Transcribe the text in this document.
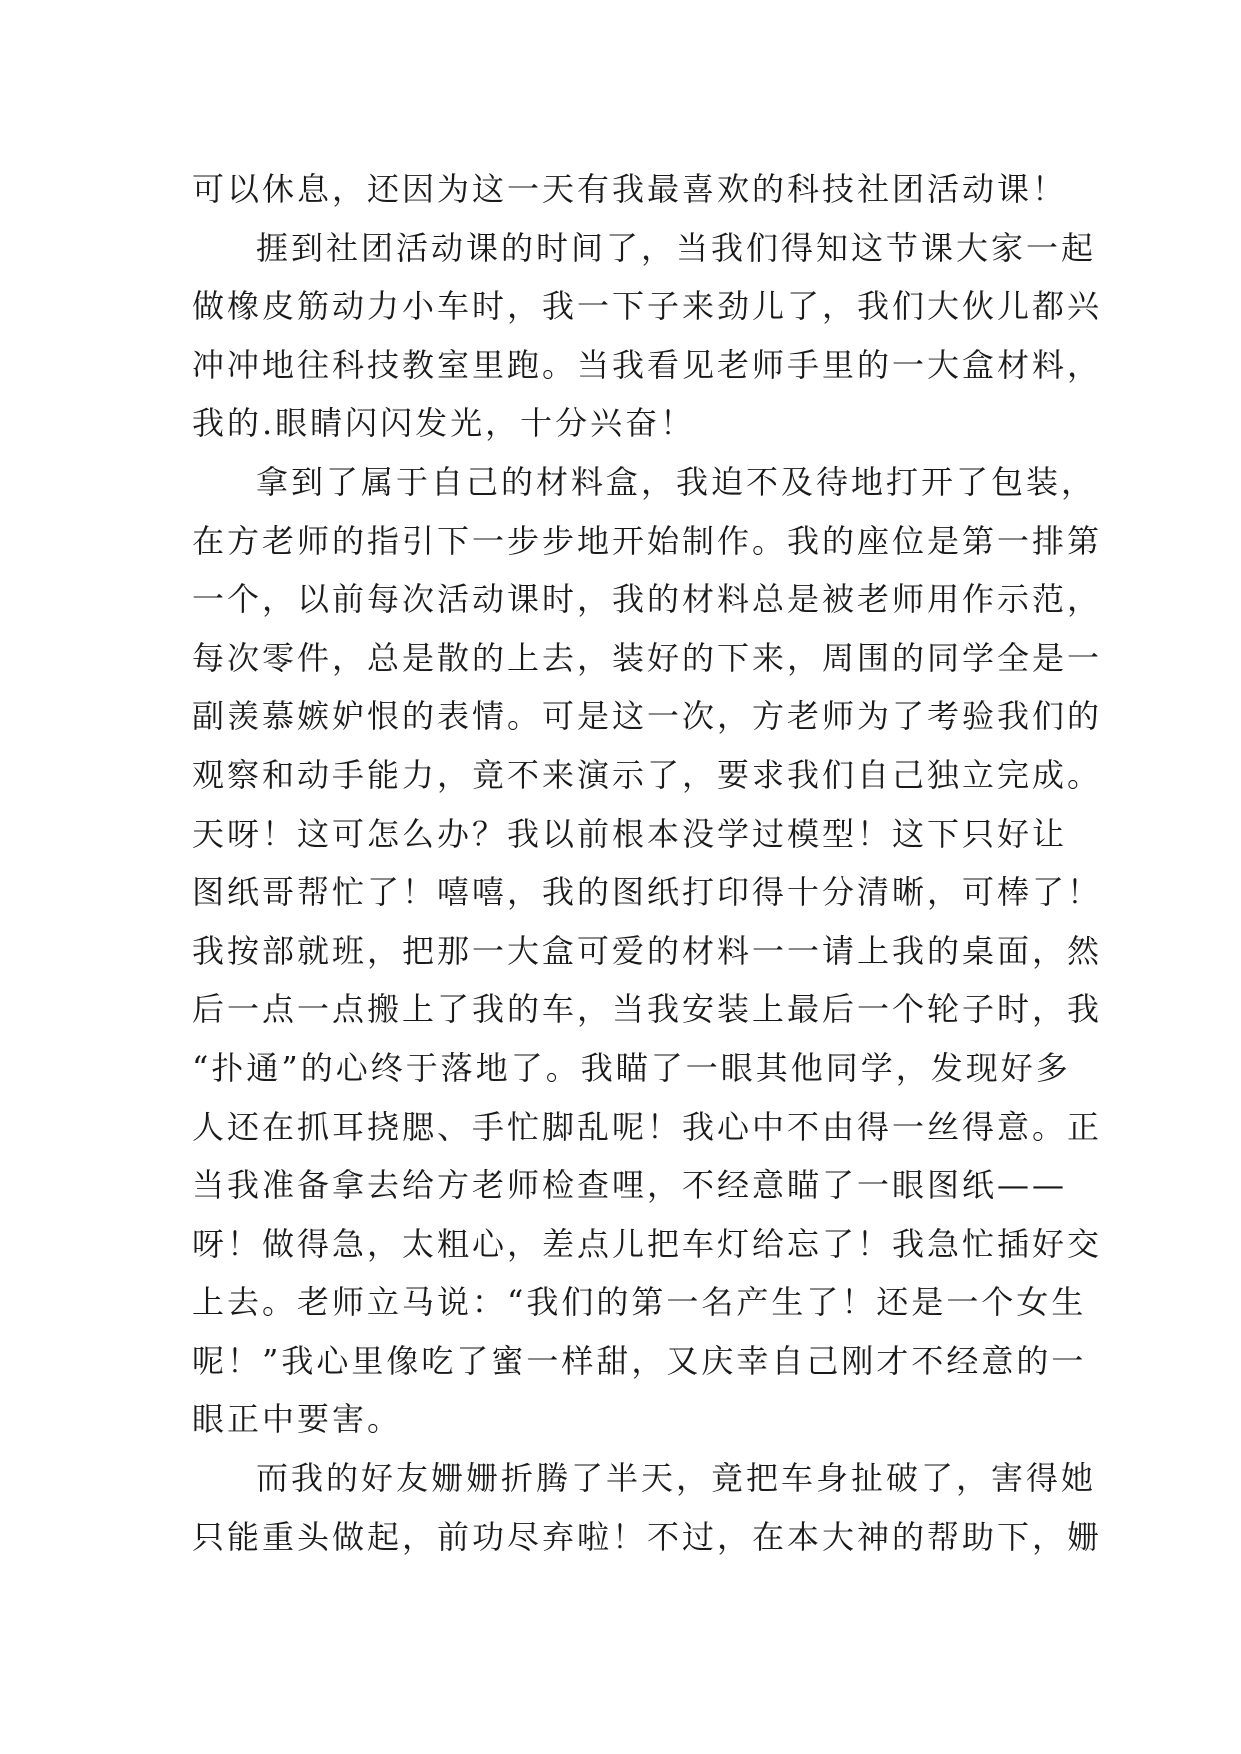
可以休息，还因为这一天有我最喜欢的科技社团活动课！
捱到社团活动课的时间了，当我们得知这节课大家一起
做橡皮筋动力小车时，我一下子来劲儿了，我们大伙儿都兴
冲冲地往科技教室里跑。当我看见老师手里的一大盒材料，
我的.眼睛闪闪发光，十分兴奋！
拿到了属于自己的材料盒，我迫不及待地打开了包装，
在方老师的指引下一步步地开始制作。我的座位是第一排第
一个，以前每次活动课时，我的材料总是被老师用作示范，
每次零件，总是散的上去，装好的下来，周围的同学全是一
副羡慕嫉妒恨的表情。可是这一次，方老师为了考验我们的
观察和动手能力，竟不来演示了，要求我们自己独立完成。
天呀！这可怎么办？我以前根本没学过模型！这下只好让
图纸哥帮忙了！嘻嘻，我的图纸打印得十分清晰，可棒了！
我按部就班，把那一大盒可爱的材料一一请上我的桌面，然
后一点一点搬上了我的车，当我安装上最后一个轮子时，我
“扑通”的心终于落地了。我瞄了一眼其他同学，发现好多
人还在抓耳挠腮、手忙脚乱呢！我心中不由得一丝得意。正
当我准备拿去给方老师检查哩，不经意瞄了一眼图纸——
呀！做得急，太粗心，差点儿把车灯给忘了！我急忙插好交
上去。老师立马说：“我们的第一名产生了！还是一个女生
呢！”我心里像吃了蜜一样甜，又庆幸自己刚才不经意的一
眼正中要害。
而我的好友姗姗折腾了半天，竟把车身扯破了，害得她
只能重头做起，前功尽弃啦！不过，在本大神的帮助下，姗
